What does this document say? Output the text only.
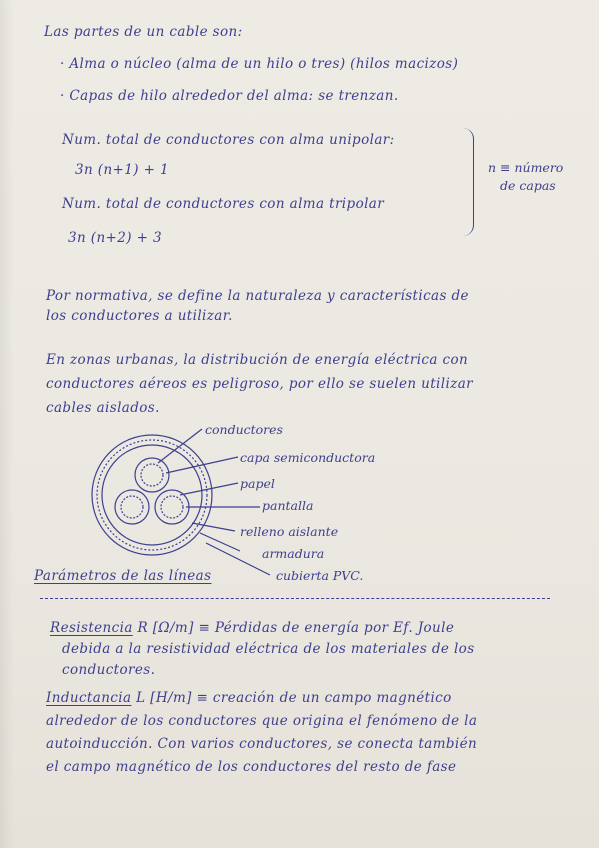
Las partes de un cable son:
· Alma o núcleo (alma de un hilo o tres) (hilos macizos)
· Capas de hilo alrededor del alma: se trenzan.
Num. total de conductores con alma unipolar:
3n (n+1) + 1
Num. total de conductores con alma tripolar
3n (n+2) + 3
n ≡ número
de capas
Por normativa, se define la naturaleza y características de
los conductores a utilizar.
En zonas urbanas, la distribución de energía eléctrica con
conductores aéreos es peligroso, por ello se suelen utilizar
cables aislados.
conductores
capa semiconductora
papel
pantalla
relleno aislante
armadura
cubierta PVC.
Parámetros de las líneas
Resistencia R [Ω/m] ≡ Pérdidas de energía por Ef. Joule
debida a la resistividad eléctrica de los materiales de los
conductores.
Inductancia L [H/m] ≡ creación de un campo magnético
alrededor de los conductores que origina el fenómeno de la
autoinducción. Con varios conductores, se conecta también
el campo magnético de los conductores del resto de fase
